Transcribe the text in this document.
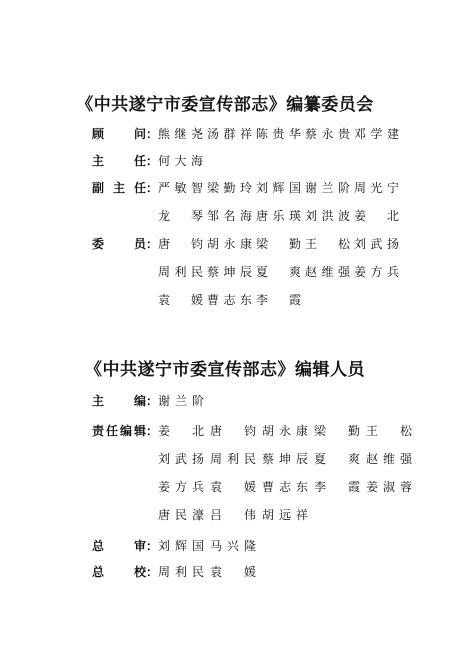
《中共遂宁市委宣传部志》编纂委员会
顾问 ： 熊继尧 汤群祥 陈贵华 蔡永贵 邓学建
主任 ： 何大海
副主任 ： 严敏智 梁勤玲 刘辉国 谢兰阶 周光宁

龙琴 邹名海 唐乐瑛 刘洪波 姜北
委员 ： 唐钧 胡永康 梁勤 王松 刘武扬

周利民 蔡坤辰 夏爽 赵维强 姜方兵

袁媛 曹志东 李霞
《中共遂宁市委宣传部志》编辑人员
主编 ： 谢兰阶
责任编辑 ： 姜北 唐钧 胡永康 梁勤 王松

刘武扬 周利民 蔡坤辰 夏爽 赵维强

姜方兵 袁媛 曹志东 李霞 姜淑蓉

唐民濠 吕伟 胡远祥
总审 ： 刘辉国 马兴隆
总校 ： 周利民 袁媛
